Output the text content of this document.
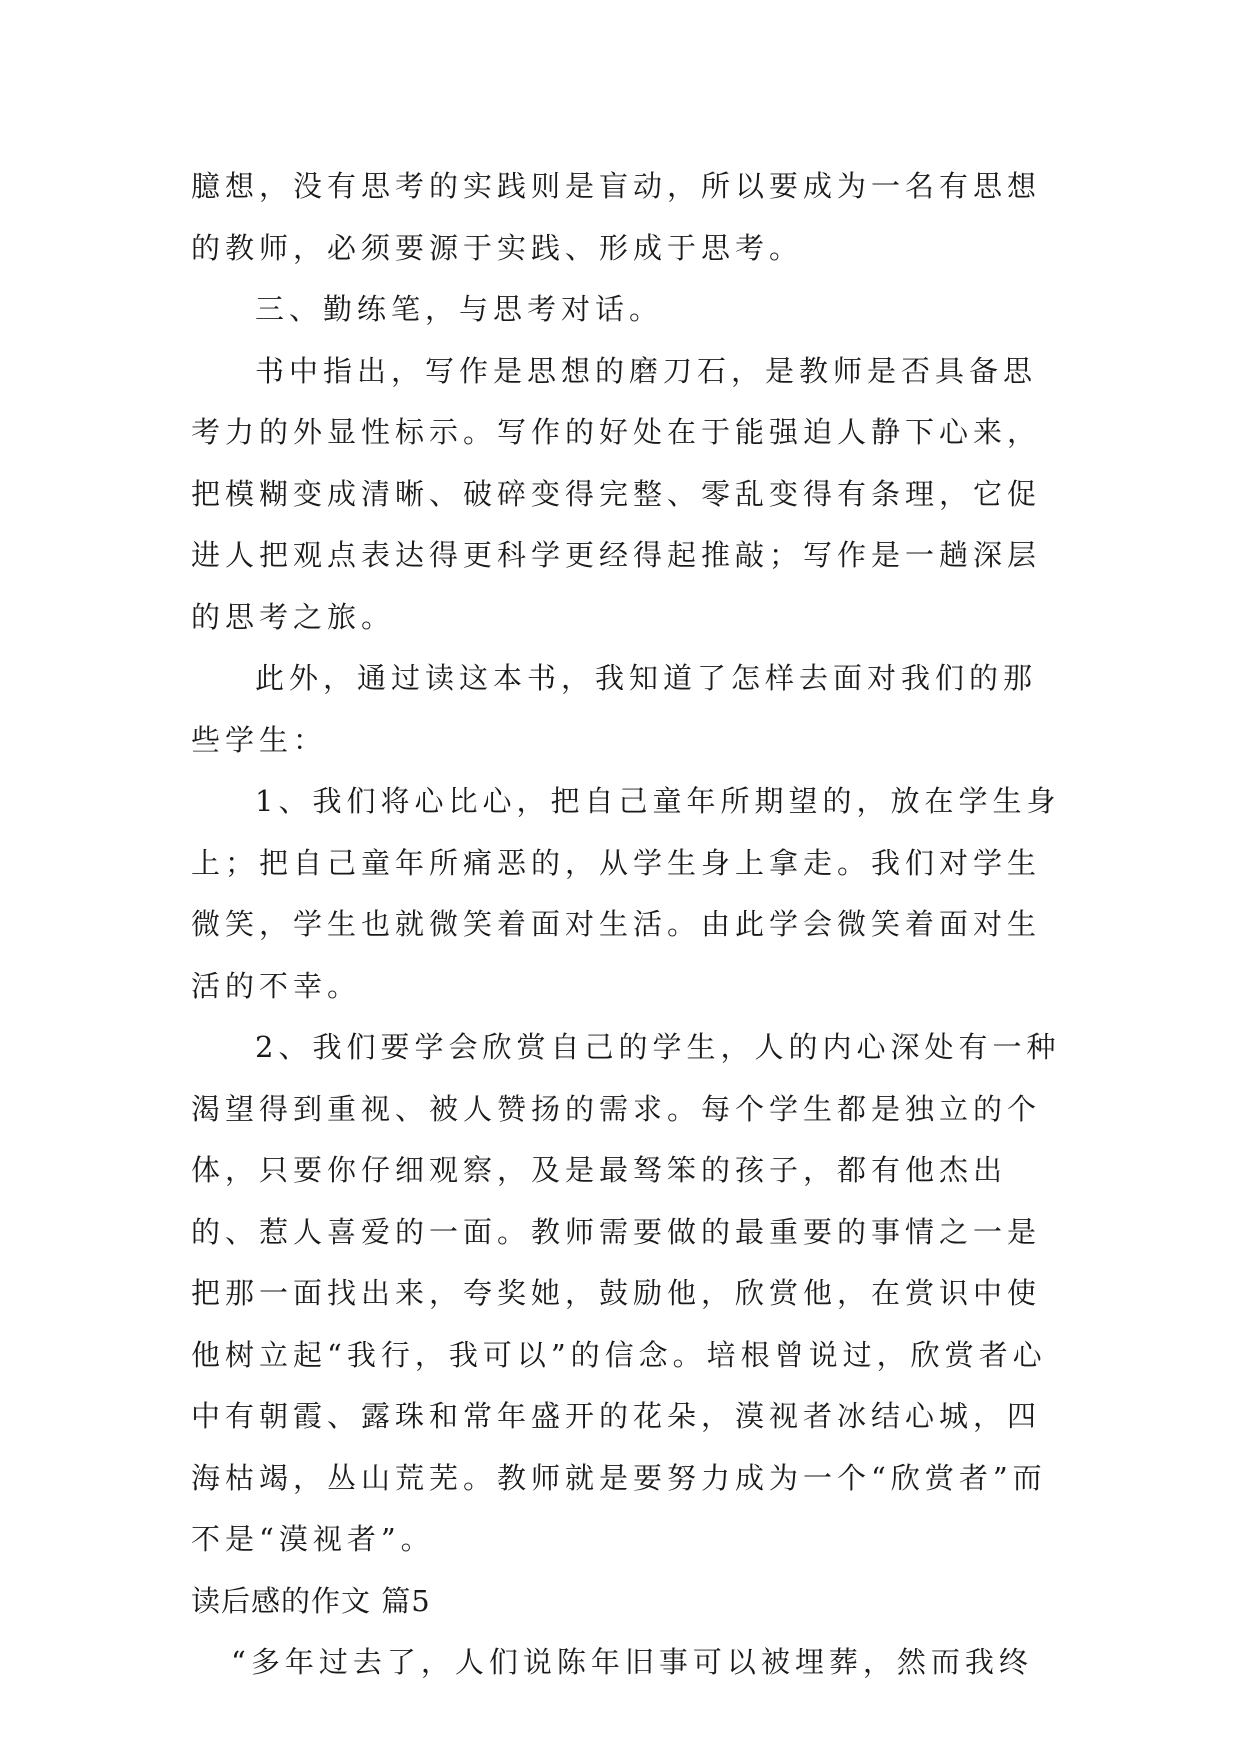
臆想，没有思考的实践则是盲动，所以要成为一名有思想的教师，必须要源于实践、形成于思考。

三、勤练笔，与思考对话。

书中指出，写作是思想的磨刀石，是教师是否具备思考力的外显性标示。写作的好处在于能强迫人静下心来，把模糊变成清晰、破碎变得完整、零乱变得有条理，它促进人把观点表达得更科学更经得起推敲；写作是一趟深层的思考之旅。

此外，通过读这本书，我知道了怎样去面对我们的那些学生：

1、我们将心比心，把自己童年所期望的，放在学生身上；把自己童年所痛恶的，从学生身上拿走。我们对学生微笑，学生也就微笑着面对生活。由此学会微笑着面对生活的不幸。

2、我们要学会欣赏自己的学生，人的内心深处有一种渴望得到重视、被人赞扬的需求。每个学生都是独立的个体，只要你仔细观察，及是最驽笨的孩子，都有他杰出的、惹人喜爱的一面。教师需要做的最重要的事情之一是把那一面找出来，夸奖她，鼓励他，欣赏他，在赏识中使他树立起“我行，我可以”的信念。培根曾说过，欣赏者心中有朝霞、露珠和常年盛开的花朵，漠视者冰结心城，四海枯竭，丛山荒芜。教师就是要努力成为一个“欣赏者”而不是“漠视者”。

读后感的作文 篇5

“多年过去了，人们说陈年旧事可以被埋葬，然而我终
